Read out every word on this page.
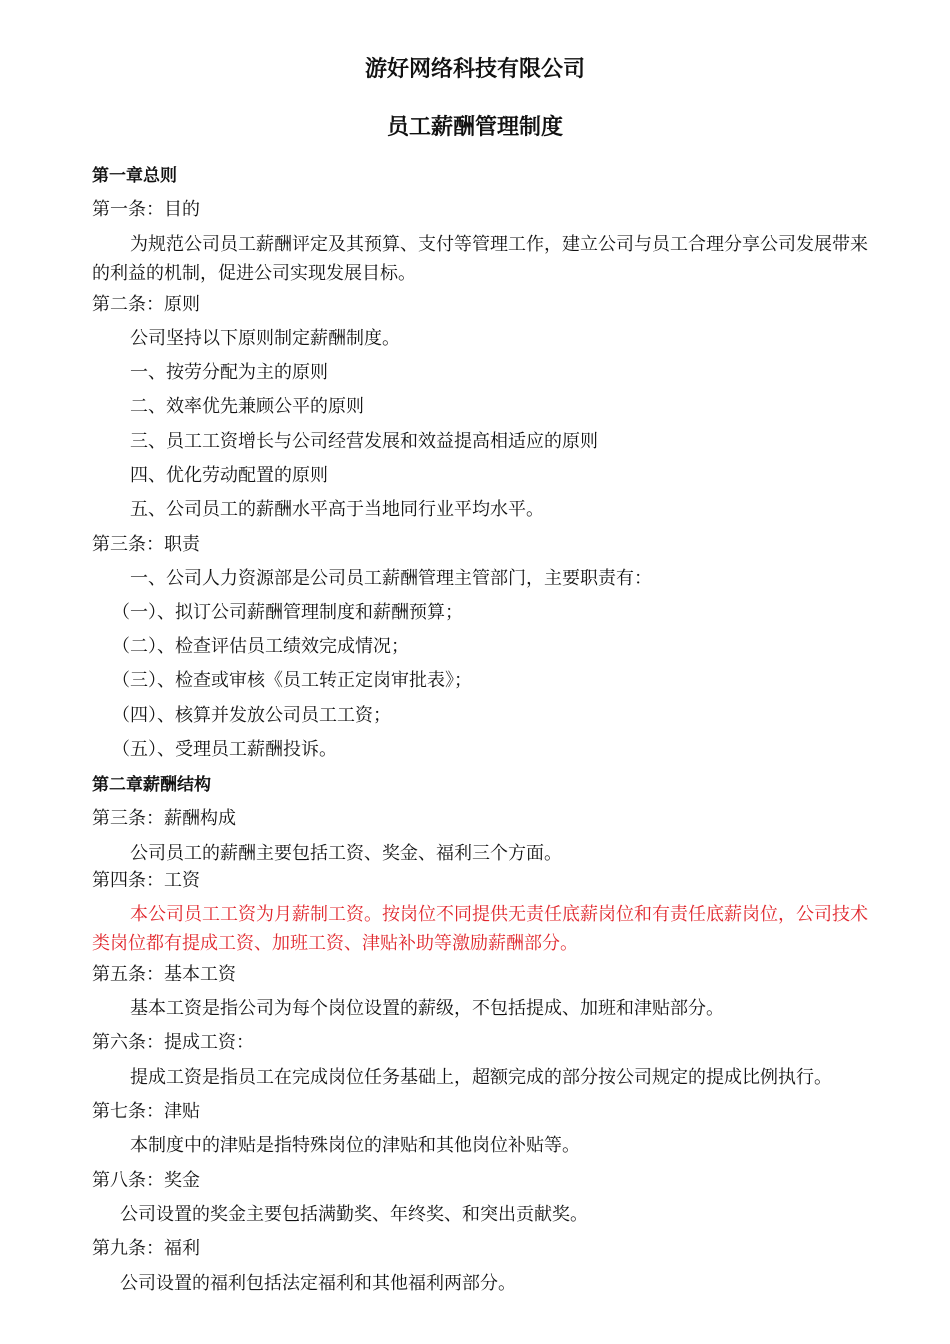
游好网络科技有限公司
员工薪酬管理制度
第一章总则
第一条：目的
为规范公司员工薪酬评定及其预算、支付等管理工作，建立公司与员工合理分享公司发展带来的利益的机制，促进公司实现发展目标。
第二条：原则
公司坚持以下原则制定薪酬制度。
一、按劳分配为主的原则
二、效率优先兼顾公平的原则
三、员工工资增长与公司经营发展和效益提高相适应的原则
四、优化劳动配置的原则
五、公司员工的薪酬水平高于当地同行业平均水平。
第三条：职责
一、公司人力资源部是公司员工薪酬管理主管部门，主要职责有：
（一）、拟订公司薪酬管理制度和薪酬预算；
（二）、检查评估员工绩效完成情况；
（三）、检查或审核《员工转正定岗审批表》；
（四）、核算并发放公司员工工资；
（五）、受理员工薪酬投诉。
第二章薪酬结构
第三条：薪酬构成
公司员工的薪酬主要包括工资、奖金、福利三个方面。
第四条：工资
本公司员工工资为月薪制工资。按岗位不同提供无责任底薪岗位和有责任底薪岗位，公司技术类岗位都有提成工资、加班工资、津贴补助等激励薪酬部分。
第五条：基本工资
基本工资是指公司为每个岗位设置的薪级，不包括提成、加班和津贴部分。
第六条：提成工资：
提成工资是指员工在完成岗位任务基础上，超额完成的部分按公司规定的提成比例执行。
第七条：津贴
本制度中的津贴是指特殊岗位的津贴和其他岗位补贴等。
第八条：奖金
公司设置的奖金主要包括满勤奖、年终奖、和突出贡献奖。
第九条：福利
公司设置的福利包括法定福利和其他福利两部分。
